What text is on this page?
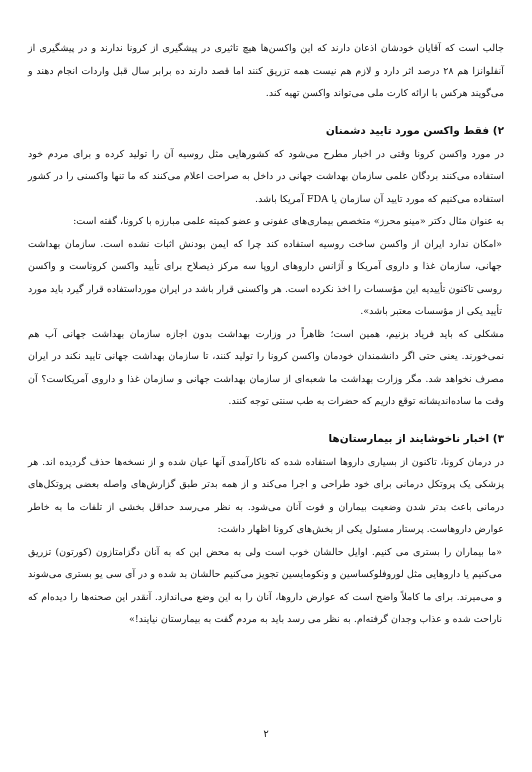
جالب است که آقایان خودشان اذعان دارند که این واکسن‌ها هیچ تاثیری در پیشگیری از کرونا ندارند و در پیشگیری از آنفلوانزا هم ۲۸ درصد اثر دارد و لازم هم نیست همه تزریق کنند اما قصد دارند ده برابر سال قبل واردات انجام دهند و می‌گویند هرکس با ارائه کارت ملی می‌تواند واکسن تهیه کند.

۲) فقط واکسن مورد تایید دشمنان

در مورد واکسن کرونا وقتی در اخبار مطرح می‌شود که کشورهایی مثل روسیه آن را تولید کرده و برای مردم خود استفاده می‌کنند بردگان علمی سازمان بهداشت جهانی در داخل به صراحت اعلام می‌کنند که ما تنها واکسنی را در کشور استفاده می‌کنیم که مورد تایید آن سازمان یا FDA آمریکا باشد.

به عنوان مثال دکتر «مینو محرز» متخصص بیماری‌های عفونی و عضو کمیته علمی مبارزه با کرونا، گفته است:

«امکان ندارد ایران از واکسن ساخت روسیه استفاده کند چرا که ایمن بودنش اثبات نشده است. سازمان بهداشت جهانی، سازمان غذا و داروی آمریکا و آژانس داروهای اروپا سه مرکز ذیصلاح برای تأیید واکسن کرونا‌ست و واکسن روسی تاکنون تأییدیه این مؤسسات را اخذ نکرده است. هر واکسنی قرار باشد در ایران مورداستفاده قرار گیرد باید مورد تأیید یکی از مؤسسات معتبر باشد».

مشکلی که باید فریاد بزنیم، همین است؛ ظاهراً در وزارت بهداشت بدون اجازه سازمان بهداشت جهانی آب هم نمی‌خورند. یعنی حتی اگر دانشمندان خودمان واکسن کرونا را تولید کنند، تا سازمان بهداشت جهانی تایید نکند در ایران مصرف نخواهد شد. مگر وزارت بهداشت ما شعبه‌ای از سازمان بهداشت جهانی و سازمان غذا و داروی آمریکاست؟ آن وقت ما ساده‌اندیشانه توقع داریم که حضرات به طب سنتی توجه کنند.

۳) اخبار ناخوشایند از بیمارستان‌ها

در درمان کرونا، تاکنون از بسیاری داروها استفاده شده که ناکارآمدی آنها عیان شده و از نسخه‌ها حذف گردیده اند. هر پزشکی یک پروتکل درمانی برای خود طراحی و اجرا می‌کند و از همه بدتر طبق گزارش‌های واصله بعضی پروتکل‌های درمانی باعث بدتر شدن وضعیت بیماران و فوت آنان می‌شود. به نظر می‌رسد حداقل بخشی از تلفات ما به خاطر عوارض داروهاست. پرستار مسئول یکی از بخش‌های کرونا اظهار داشت:

«ما بیماران را بستری می کنیم. اوایل حالشان خوب است ولی به محض این که به آنان دگزامتازون (کورتون) تزریق می‌کنیم یا داروهایی مثل لوروفلوکساسین و ونکومایسین تجویز می‌کنیم حالشان بد شده و در آی سی یو بستری می‌شوند و می‌میرند. برای ما کاملاً واضح است که عوارض داروها، آنان را به این وضع می‌اندازد. آنقدر این صحنه‌ها را دیده‌ام که ناراحت شده و عذاب وجدان گرفته‌ام. به نظر می رسد باید به مردم گفت به بیمارستان نیایند!»

۲
